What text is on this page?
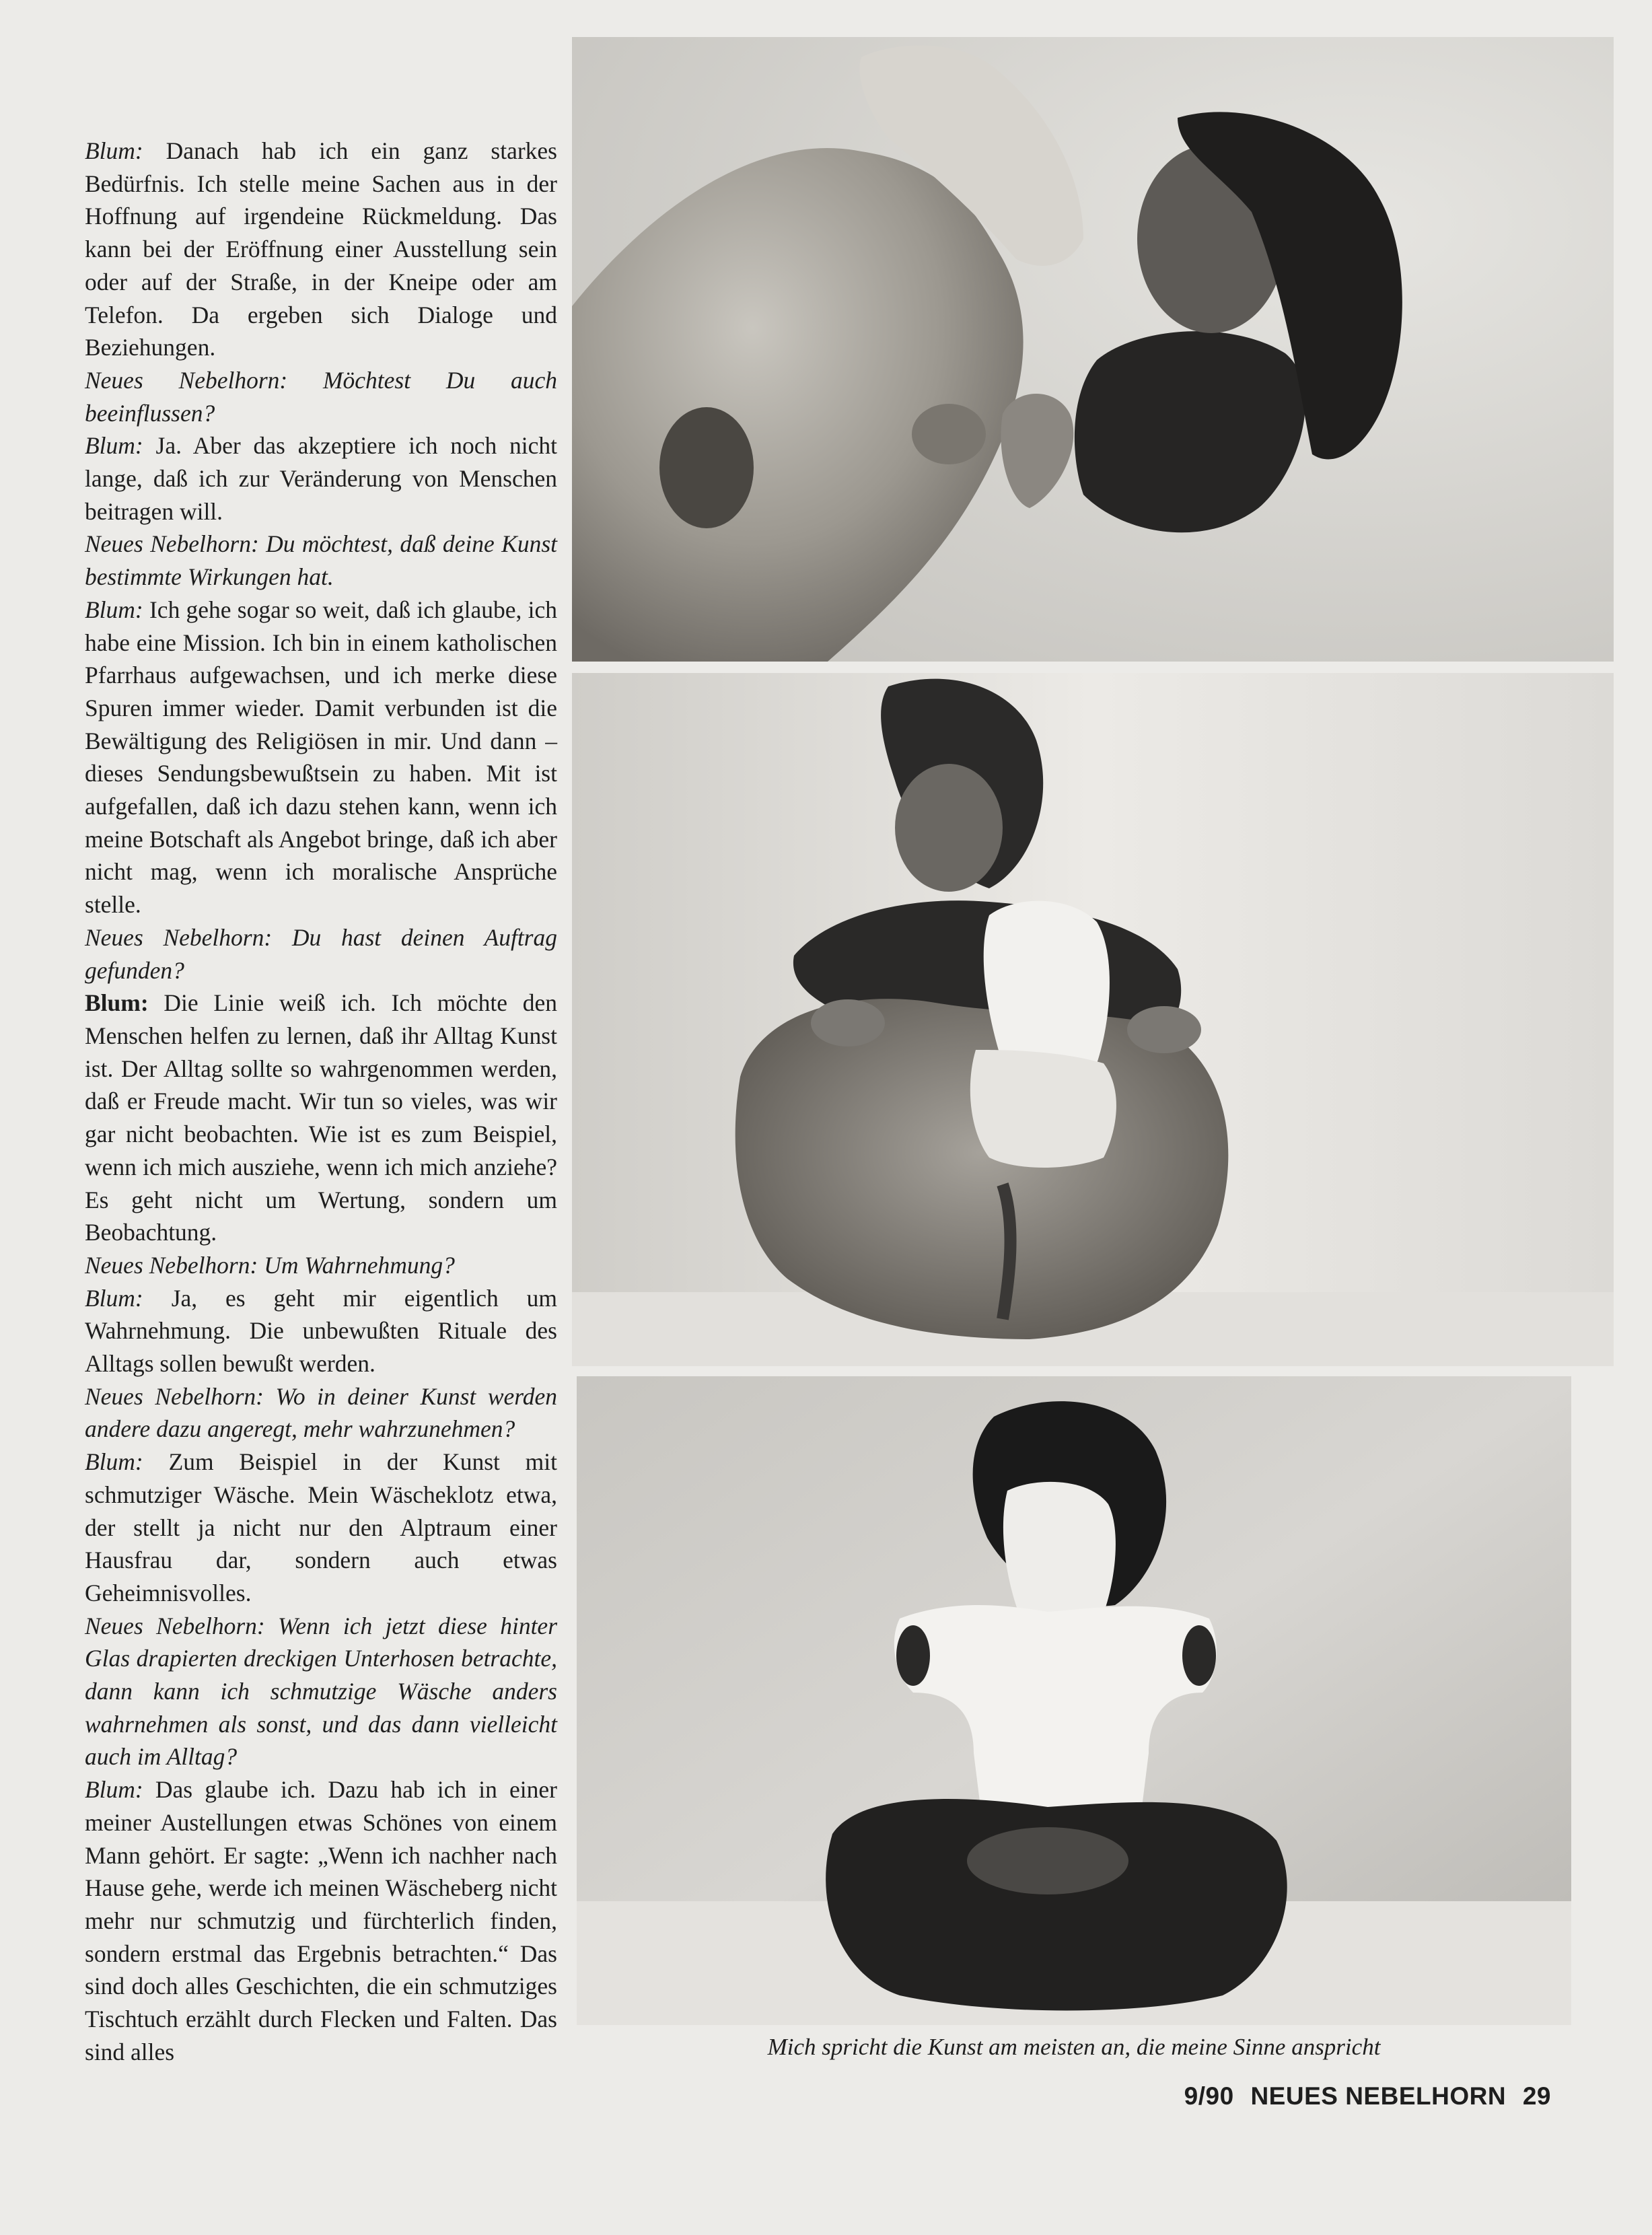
Blum: Danach hab ich ein ganz starkes Bedürfnis. Ich stelle meine Sachen aus in der Hoffnung auf irgendeine Rückmeldung. Das kann bei der Eröffnung einer Ausstellung sein oder auf der Straße, in der Kneipe oder am Telefon. Da ergeben sich Dialoge und Beziehungen.

Neues Nebelhorn: Möchtest Du auch beeinflussen?

Blum: Ja. Aber das akzeptiere ich noch nicht lange, daß ich zur Veränderung von Menschen beitragen will.

Neues Nebelhorn: Du möchtest, daß deine Kunst bestimmte Wirkungen hat.

Blum: Ich gehe sogar so weit, daß ich glaube, ich habe eine Mission. Ich bin in einem katholischen Pfarrhaus aufgewachsen, und ich merke diese Spuren immer wieder. Damit verbunden ist die Bewältigung des Religiösen in mir. Und dann – dieses Sendungsbewußtsein zu haben. Mit ist aufgefallen, daß ich dazu stehen kann, wenn ich meine Botschaft als Angebot bringe, daß ich aber nicht mag, wenn ich moralische Ansprüche stelle.

Neues Nebelhorn: Du hast deinen Auftrag gefunden?

Blum: Die Linie weiß ich. Ich möchte den Menschen helfen zu lernen, daß ihr Alltag Kunst ist. Der Alltag sollte so wahrgenommen werden, daß er Freude macht. Wir tun so vieles, was wir gar nicht beobachten. Wie ist es zum Beispiel, wenn ich mich ausziehe, wenn ich mich anziehe? Es geht nicht um Wertung, sondern um Beobachtung.

Neues Nebelhorn: Um Wahrnehmung?

Blum: Ja, es geht mir eigentlich um Wahrnehmung. Die unbewußten Rituale des Alltags sollen bewußt werden.

Neues Nebelhorn: Wo in deiner Kunst werden andere dazu angeregt, mehr wahrzunehmen?

Blum: Zum Beispiel in der Kunst mit schmutziger Wäsche. Mein Wäscheklotz etwa, der stellt ja nicht nur den Alptraum einer Hausfrau dar, sondern auch etwas Geheimnisvolles.

Neues Nebelhorn: Wenn ich jetzt diese hinter Glas drapierten dreckigen Unterhosen betrachte, dann kann ich schmutzige Wäsche anders wahrnehmen als sonst, und das dann vielleicht auch im Alltag?

Blum: Das glaube ich. Dazu hab ich in einer meiner Austellungen etwas Schönes von einem Mann gehört. Er sagte: „Wenn ich nachher nach Hause gehe, werde ich meinen Wäscheberg nicht mehr nur schmutzig und fürchterlich finden, sondern erstmal das Ergebnis betrachten.“ Das sind doch alles Geschichten, die ein schmutziges Tischtuch erzählt durch Flecken und Falten. Das sind alles	Mich spricht die Kunst am meisten an, die meine Sinne anspricht
9/90 NEUES NEBELHORN 29
